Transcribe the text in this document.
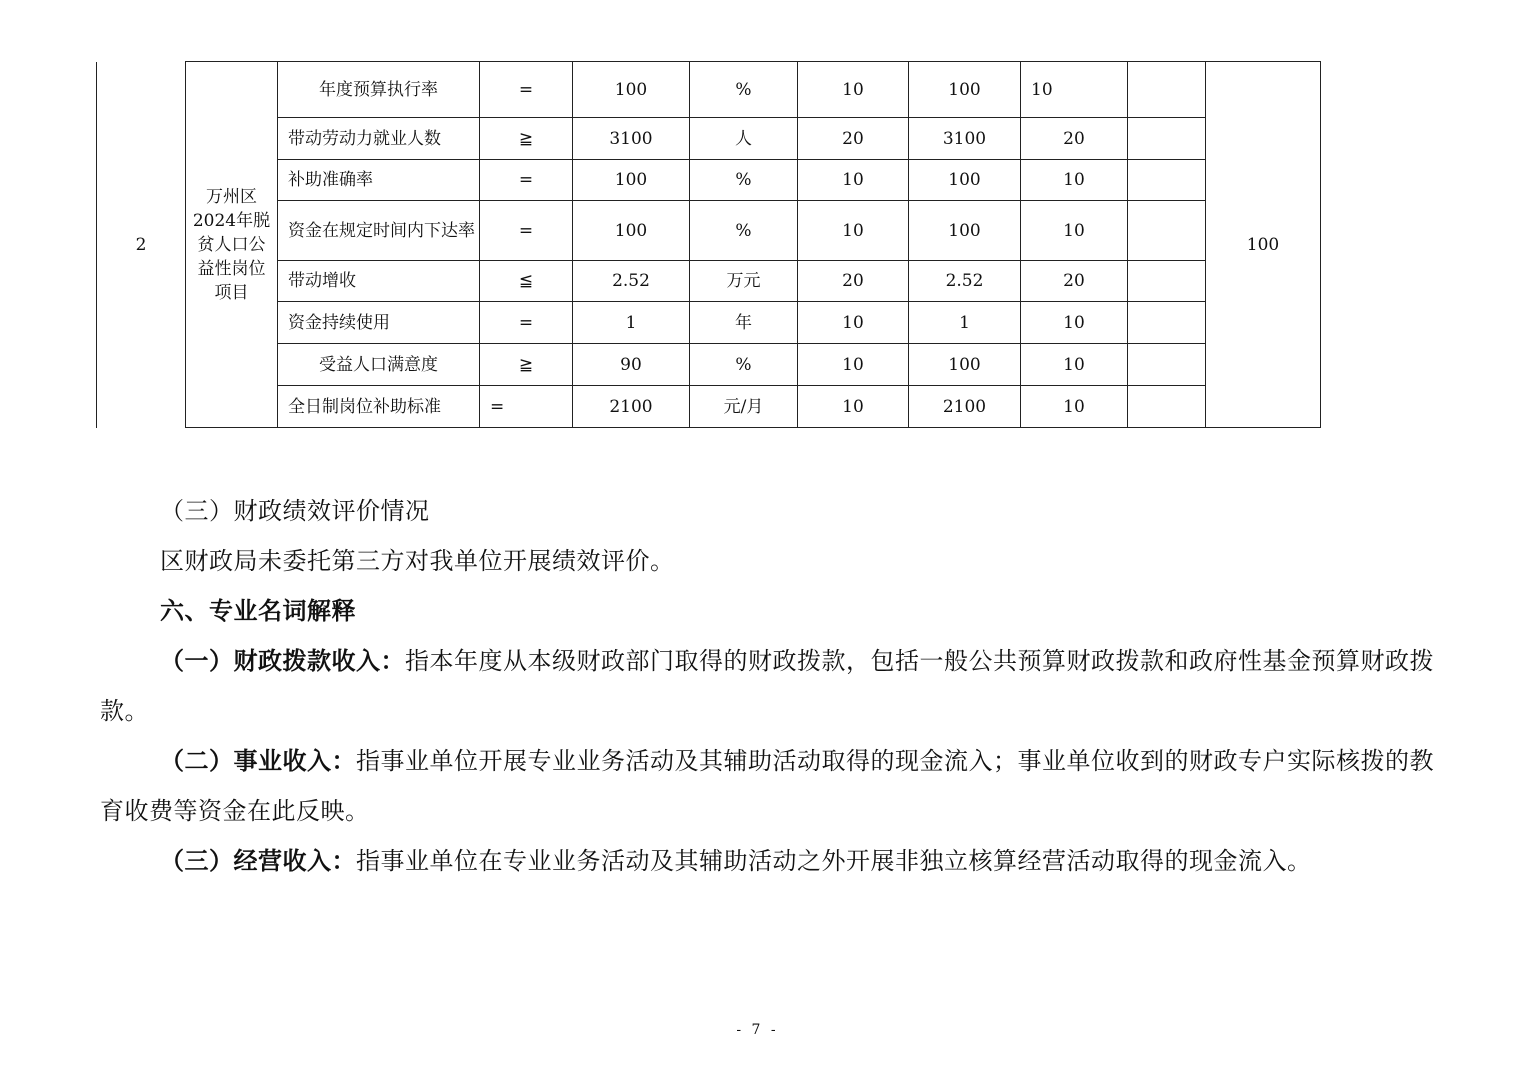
2	万州区2024年脱贫人口公益性岗位项目	年度预算执行率	=	100	%	10	100	10		100
		带动劳动力就业人数	≧	3100	人	20	3100	20		
		补助准确率	=	100	%	10	100	10		
		资金在规定时间内下达率	=	100	%	10	100	10		
		带动增收	≦	2.52	万元	20	2.52	20		
		资金持续使用	=	1	年	10	1	10		
		受益人口满意度	≧	90	%	10	100	10		
		全日制岗位补助标准	=	2100	元/月	10	2100	10		

（三）财政绩效评价情况

区财政局未委托第三方对我单位开展绩效评价。

六、专业名词解释

（一）财政拨款收入：指本年度从本级财政部门取得的财政拨款，包括一般公共预算财政拨款和政府性基金预算财政拨款。

（二）事业收入：指事业单位开展专业业务活动及其辅助活动取得的现金流入；事业单位收到的财政专户实际核拨的教育收费等资金在此反映。

（三）经营收入：指事业单位在专业业务活动及其辅助活动之外开展非独立核算经营活动取得的现金流入。

- 7 -
